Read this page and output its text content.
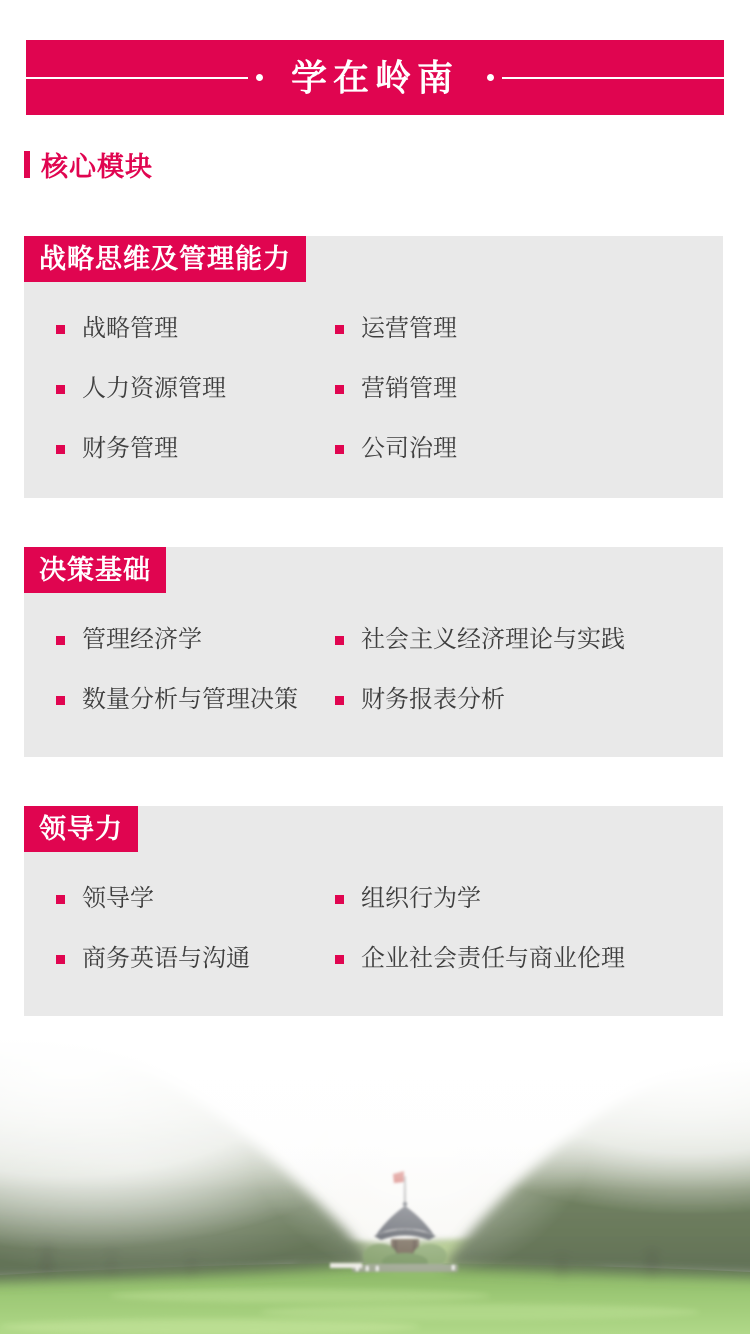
学在岭南
核心模块
战略思维及管理能力
战略管理	运营管理
人力资源管理	营销管理
财务管理	公司治理
决策基础
管理经济学	社会主义经济理论与实践
数量分析与管理决策	财务报表分析
领导力
领导学	组织行为学
商务英语与沟通	企业社会责任与商业伦理
